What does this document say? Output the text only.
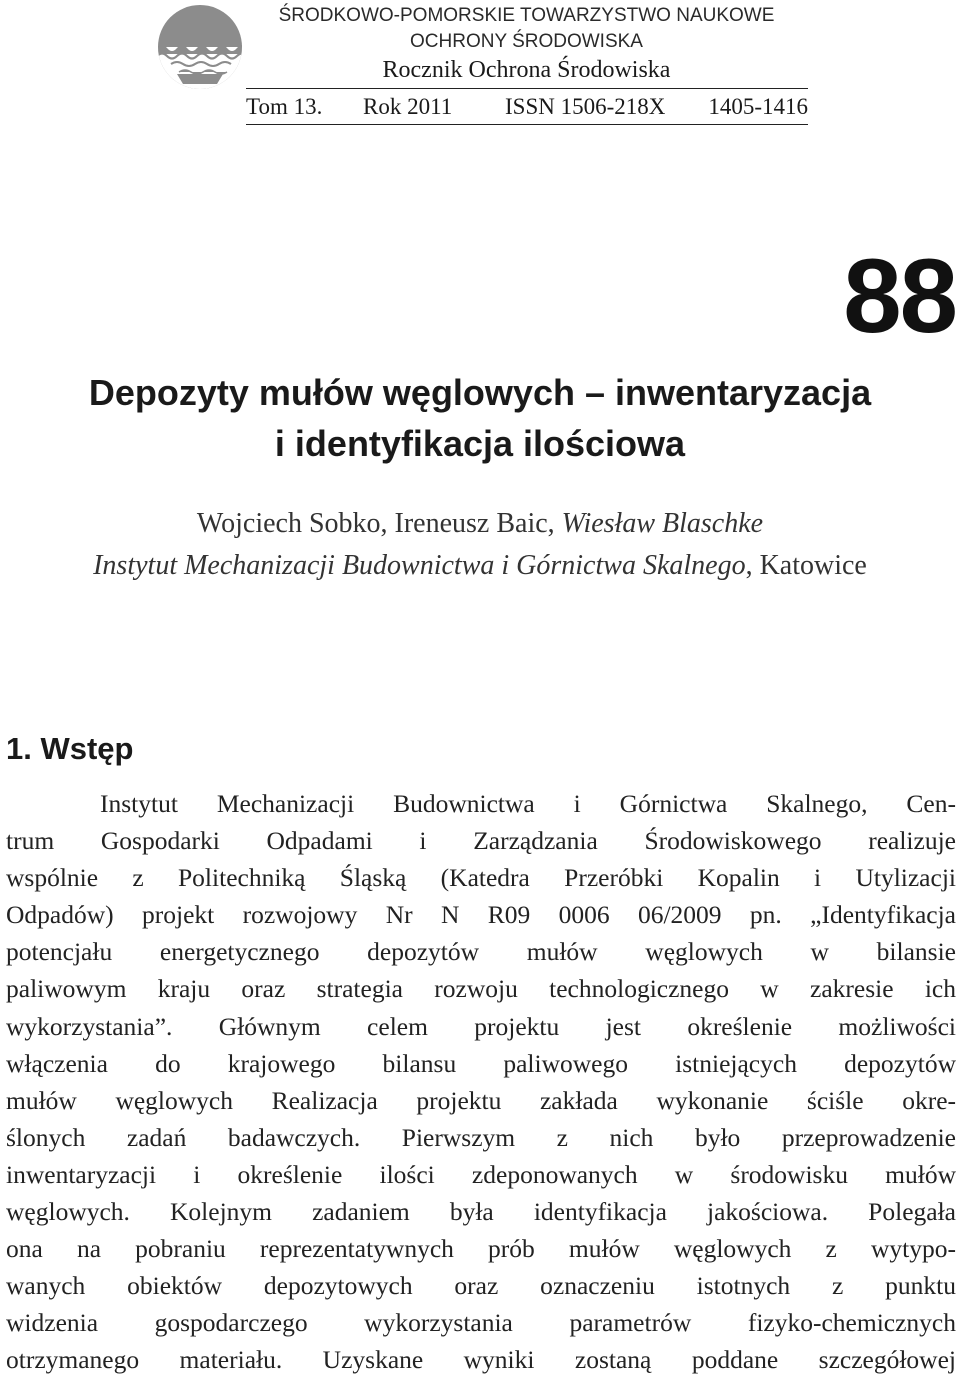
ŚRODKOWO-POMORSKIE TOWARZYSTWO NAUKOWE
OCHRONY ŚRODOWISKA
Rocznik Ochrona Środowiska
Tom 13. Rok 2011 ISSN 1506-218X 1405-1416
88
Depozyty mułów węglowych – inwentaryzacja
i identyfikacja ilościowa
Wojciech Sobko, Ireneusz Baic, Wiesław Blaschke
Instytut Mechanizacji Budownictwa i Górnictwa Skalnego, Katowice
1. Wstęp
Instytut Mechanizacji Budownictwa i Górnictwa Skalnego, Cen-
trum Gospodarki Odpadami i Zarządzania Środowiskowego realizuje
wspólnie z Politechniką Śląską (Katedra Przeróbki Kopalin i Utylizacji
Odpadów) projekt rozwojowy Nr N R09 0006 06/2009 pn. „Identyfikacja
potencjału energetycznego depozytów mułów węglowych w bilansie
paliwowym kraju oraz strategia rozwoju technologicznego w zakresie ich
wykorzystania”. Głównym celem projektu jest określenie możliwości
włączenia do krajowego bilansu paliwowego istniejących depozytów
mułów węglowych Realizacja projektu zakłada wykonanie ściśle okre-
ślonych zadań badawczych. Pierwszym z nich było przeprowadzenie
inwentaryzacji i określenie ilości zdeponowanych w środowisku mułów
węglowych. Kolejnym zadaniem była identyfikacja jakościowa. Polegała
ona na pobraniu reprezentatywnych prób mułów węglowych z wytypo-
wanych obiektów depozytowych oraz oznaczeniu istotnych z punktu
widzenia gospodarczego wykorzystania parametrów fizyko-chemicznych
otrzymanego materiału. Uzyskane wyniki zostaną poddane szczegółowej
